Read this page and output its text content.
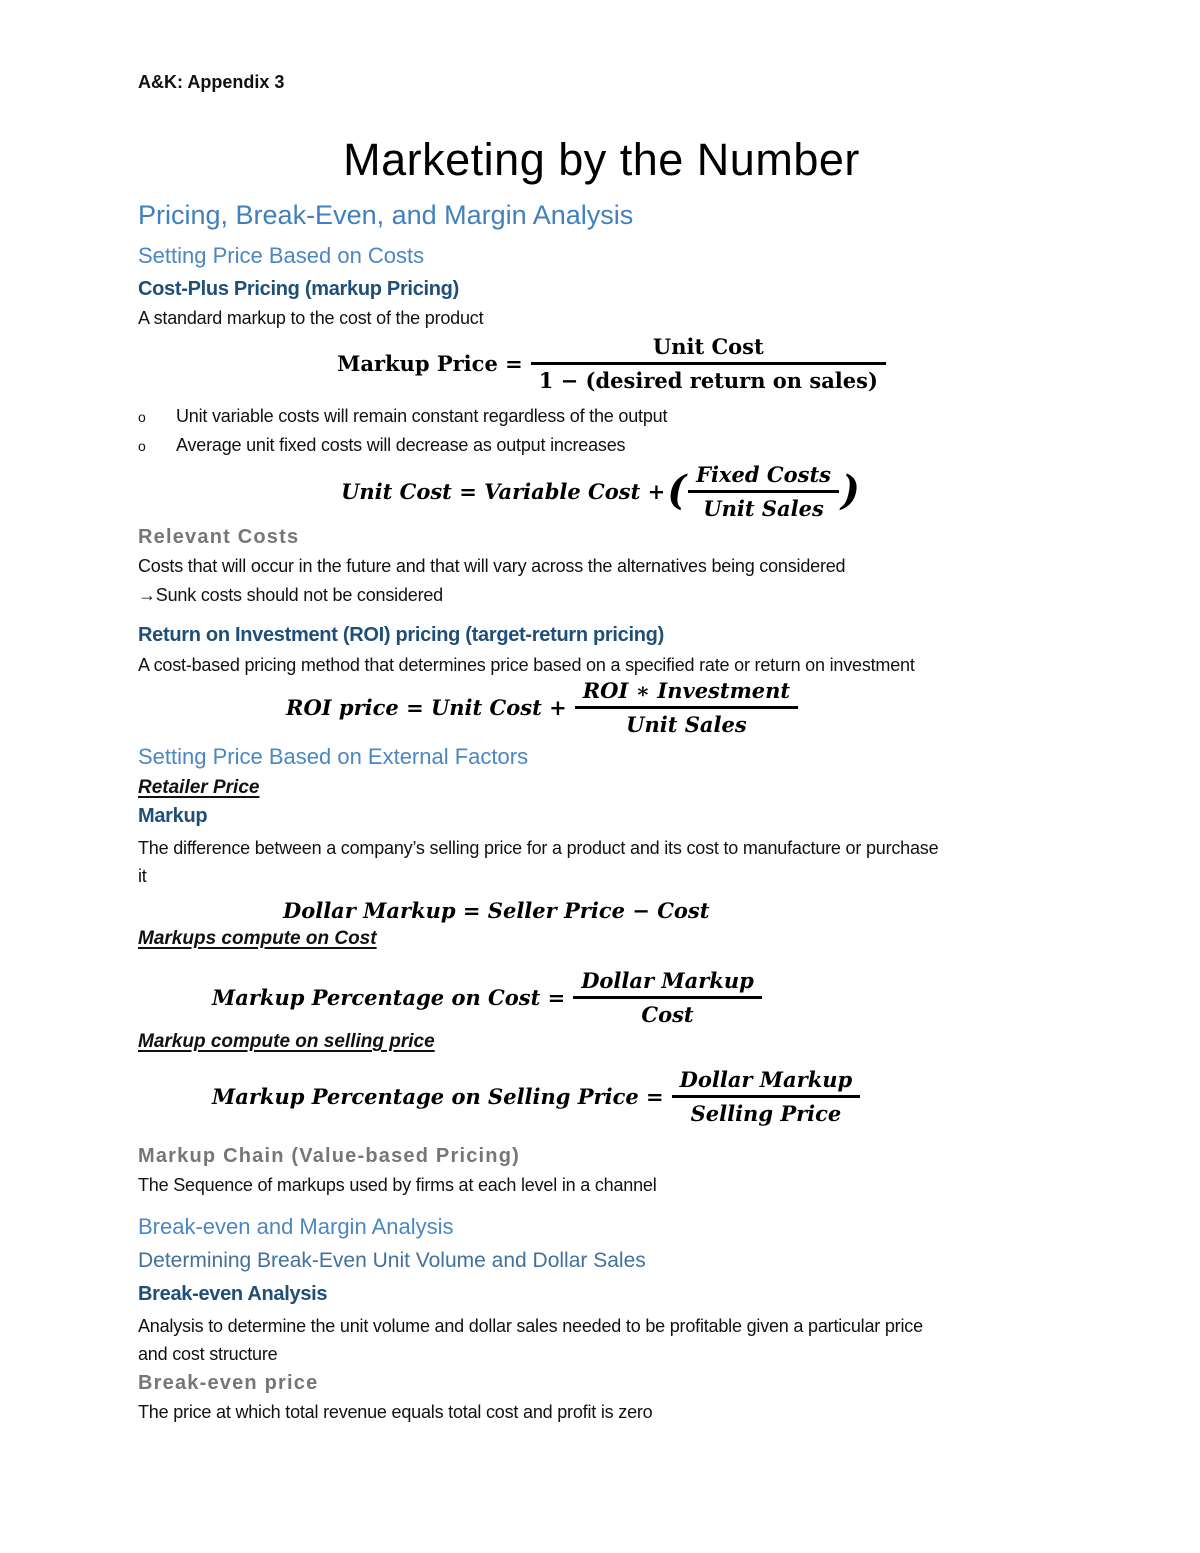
A&K: Appendix 3
Marketing by the Number
Pricing, Break-Even, and Margin Analysis
Setting Price Based on Costs
Cost-Plus Pricing (markup Pricing)
A standard markup to the cost of the product
Markup Price = $\frac{\text{Unit Cost}}{\text{1 − (desired return on sales)}}$
o	Unit variable costs will remain constant regardless of the output
o	Average unit fixed costs will decrease as output increases
Unit Cost = Variable Cost + ( $\frac{\text{Fixed Costs}}{\text{Unit Sales}}$ )
Relevant Costs
Costs that will occur in the future and that will vary across the alternatives being considered
→Sunk costs should not be considered
Return on Investment (ROI) pricing (target-return pricing)
A cost-based pricing method that determines price based on a specified rate or return on investment
ROI price = Unit Cost + $\frac{\text{ROI ∗ Investment}}{\text{Unit Sales}}$
Setting Price Based on External Factors
Retailer Price
Markup
The difference between a company’s selling price for a product and its cost to manufacture or purchase
it
Dollar Markup = Seller Price − Cost
Markups compute on Cost
Markup Percentage on Cost = $\frac{\text{Dollar Markup}}{\text{Cost}}$
Markup compute on selling price
Markup Percentage on Selling Price = $\frac{\text{Dollar Markup}}{\text{Selling Price}}$
Markup Chain (Value-based Pricing)
The Sequence of markups used by firms at each level in a channel
Break-even and Margin Analysis
Determining Break-Even Unit Volume and Dollar Sales
Break-even Analysis
Analysis to determine the unit volume and dollar sales needed to be profitable given a particular price
and cost structure
Break-even price
The price at which total revenue equals total cost and profit is zero
